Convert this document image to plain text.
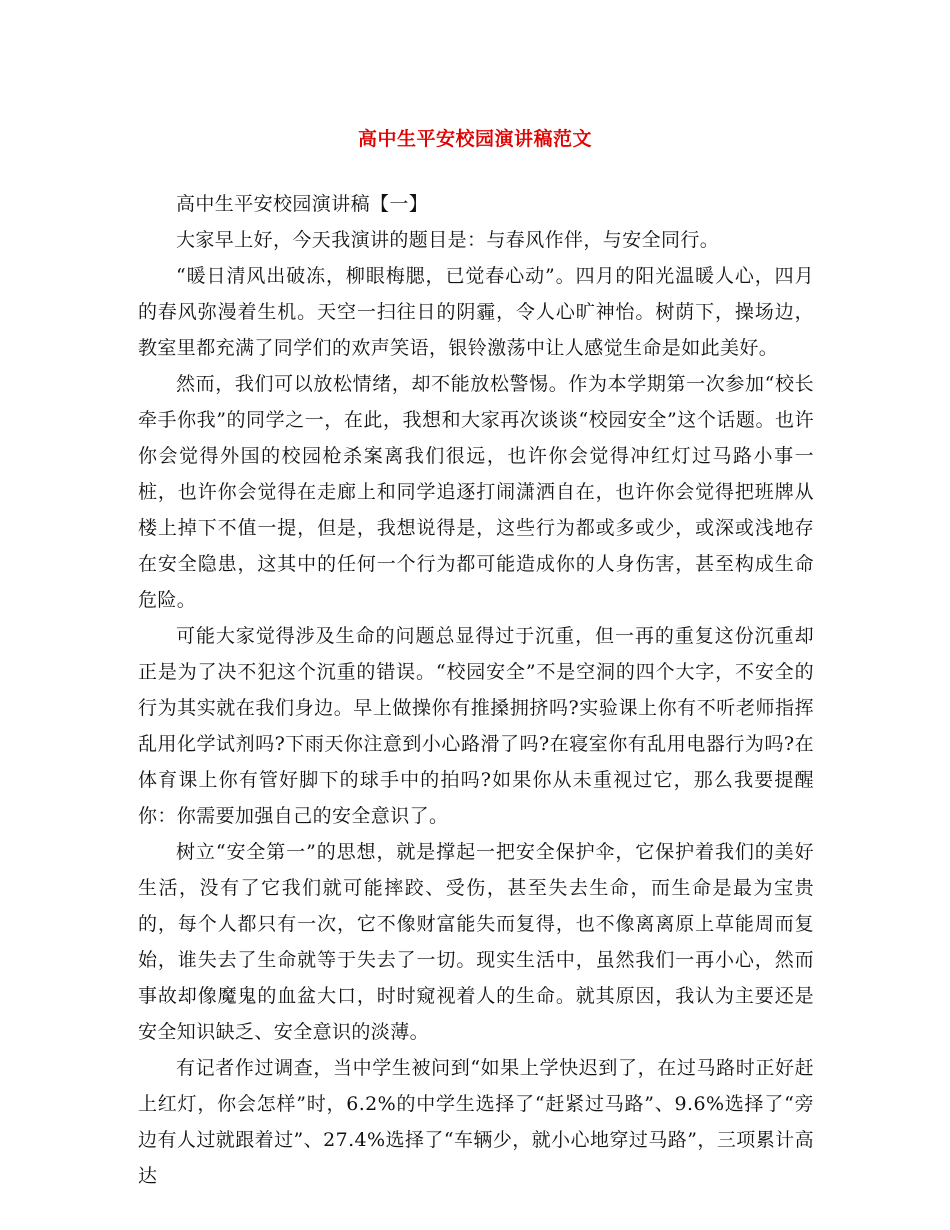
高中生平安校园演讲稿范文

高中生平安校园演讲稿【一】

大家早上好，今天我演讲的题目是：与春风作伴，与安全同行。

“暖日清风出破冻，柳眼梅腮，已觉春心动”。四月的阳光温暖人心，四月的春风弥漫着生机。天空一扫往日的阴霾，令人心旷神怡。树荫下，操场边，教室里都充满了同学们的欢声笑语，银铃激荡中让人感觉生命是如此美好。

然而，我们可以放松情绪，却不能放松警惕。作为本学期第一次参加“校长牵手你我”的同学之一，在此，我想和大家再次谈谈“校园安全”这个话题。也许你会觉得外国的校园枪杀案离我们很远，也许你会觉得冲红灯过马路小事一桩，也许你会觉得在走廊上和同学追逐打闹潇洒自在，也许你会觉得把班牌从楼上掉下不值一提，但是，我想说得是，这些行为都或多或少，或深或浅地存在安全隐患，这其中的任何一个行为都可能造成你的人身伤害，甚至构成生命危险。

可能大家觉得涉及生命的问题总显得过于沉重，但一再的重复这份沉重却正是为了决不犯这个沉重的错误。“校园安全”不是空洞的四个大字，不安全的行为其实就在我们身边。早上做操你有推搡拥挤吗?实验课上你有不听老师指挥乱用化学试剂吗?下雨天你注意到小心路滑了吗?在寝室你有乱用电器行为吗?在体育课上你有管好脚下的球手中的拍吗?如果你从未重视过它，那么我要提醒你：你需要加强自己的安全意识了。

树立“安全第一”的思想，就是撑起一把安全保护伞，它保护着我们的美好生活，没有了它我们就可能摔跤、受伤，甚至失去生命，而生命是最为宝贵的，每个人都只有一次，它不像财富能失而复得，也不像离离原上草能周而复始，谁失去了生命就等于失去了一切。现实生活中，虽然我们一再小心，然而事故却像魔鬼的血盆大口，时时窥视着人的生命。就其原因，我认为主要还是安全知识缺乏、安全意识的淡薄。

有记者作过调查，当中学生被问到“如果上学快迟到了，在过马路时正好赶上红灯，你会怎样”时，6.2%的中学生选择了“赶紧过马路”、9.6%选择了“旁边有人过就跟着过”、27.4%选择了“车辆少，就小心地穿过马路”，三项累计高达
